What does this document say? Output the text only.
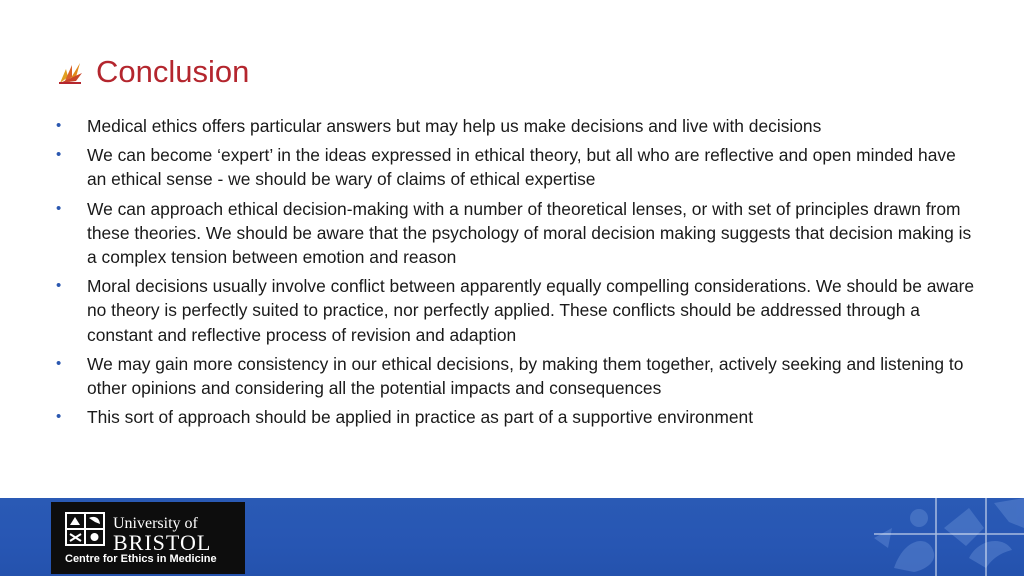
Conclusion
• Medical ethics offers particular answers but may help us make decisions and live with decisions
• We can become ‘expert’ in the ideas expressed in ethical theory, but all who are reflective and open minded have an ethical sense - we should be wary of claims of ethical expertise
• We can approach ethical decision-making with a number of theoretical lenses, or with set of principles drawn from these theories. We should be aware that the psychology of moral decision making suggests that decision making is a complex tension between emotion and reason
• Moral decisions usually involve conflict between apparently equally compelling considerations. We should be aware no theory is perfectly suited to practice, nor perfectly applied. These conflicts should be addressed through a constant and reflective process of revision and adaption
• We may gain more consistency in our ethical decisions, by making them together, actively seeking and listening to other opinions and considering all the potential impacts and consequences
• This sort of approach should be applied in practice as part of a supportive environment
University of
BRISTOL
Centre for Ethics in Medicine
